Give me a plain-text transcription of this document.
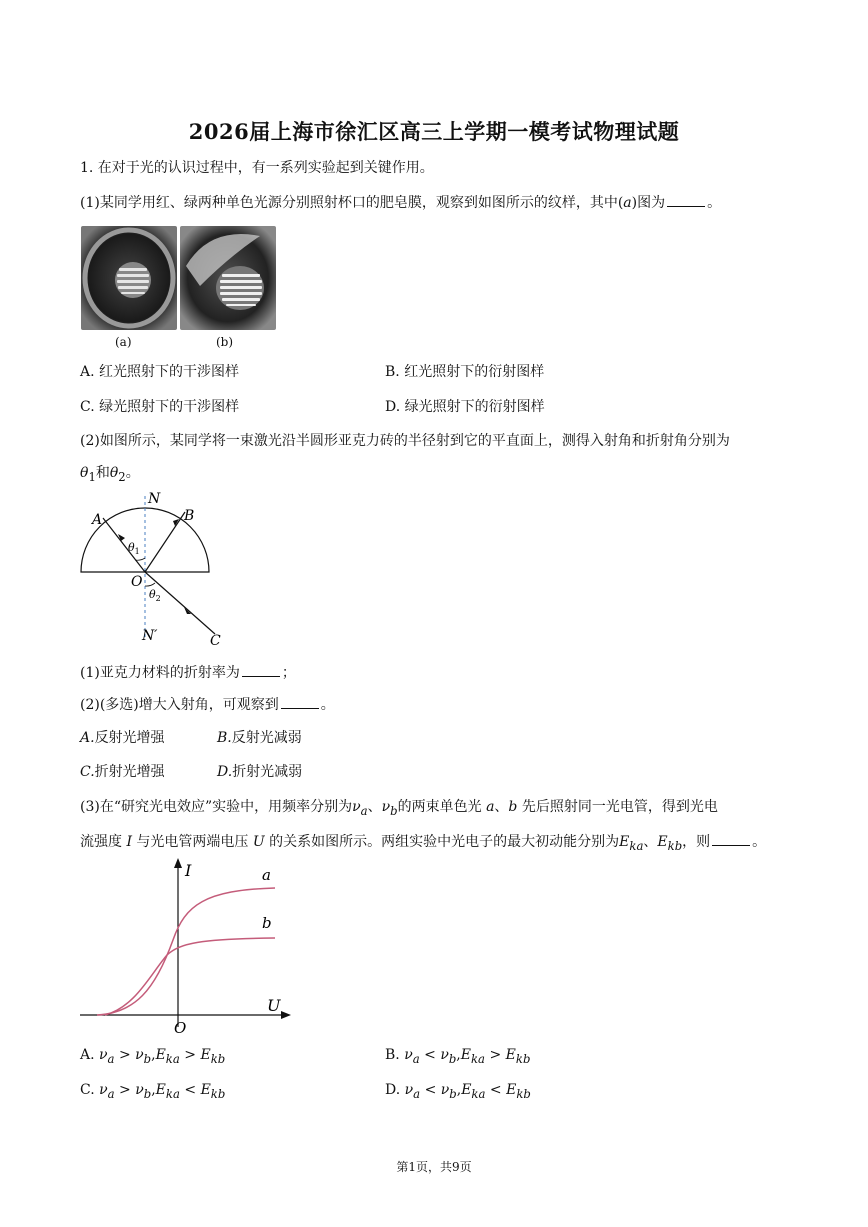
2026届上海市徐汇区高三上学期一模考试物理试题
1. 在对于光的认识过程中，有一系列实验起到关键作用。
(1)某同学用红、绿两种单色光源分别照射杯口的肥皂膜，观察到如图所示的纹样，其中(a)图为	。
(a)	(b)
A. 红光照射下的干涉图样	B. 红光照射下的衍射图样
C. 绿光照射下的干涉图样	D. 绿光照射下的衍射图样
(2)如图所示，某同学将一束激光沿半圆形亚克力砖的半径射到它的平直面上，测得入射角和折射角分别为
$\theta_1$和$\theta_2$。
N
A	B
O
N′	C
$\theta_1$
$\theta_2$
(1)亚克力材料的折射率为	；
(2)(多选)增大入射角，可观察到	。
A.反射光增强	B.反射光减弱
C.折射光增强	D.折射光减弱
(3)在“研究光电效应”实验中，用频率分别为$\nu_a$、$\nu_b$的两束单色光 a、b 先后照射同一光电管，得到光电
流强度 I 与光电管两端电压 U 的关系如图所示。两组实验中光电子的最大初动能分别为$E_{ka}$、$E_{kb}$，则	。
I
U
O
a
b
A. $\nu_a > \nu_b,E_{ka} > E_{kb}$	B. $\nu_a < \nu_b,E_{ka} > E_{kb}$
C. $\nu_a > \nu_b,E_{ka} < E_{kb}$	D. $\nu_a < \nu_b,E_{ka} < E_{kb}$
第1页，共9页
